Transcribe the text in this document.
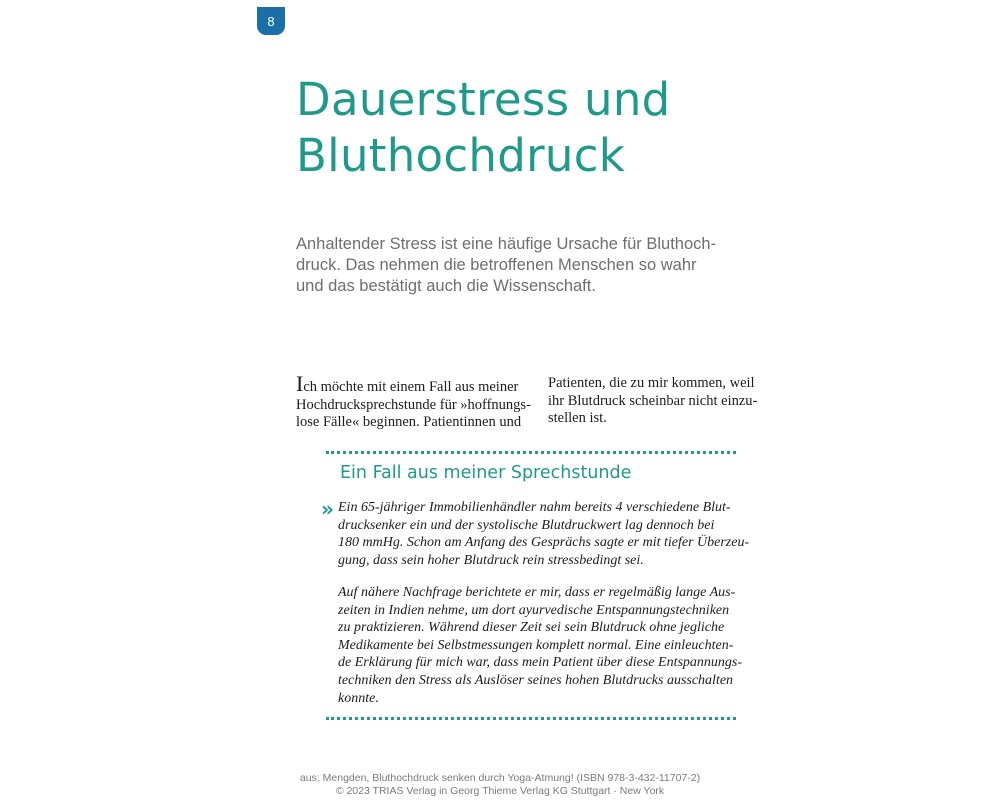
8
Dauerstress und
Bluthochdruck
Anhaltender Stress ist eine häufige Ursache für Bluthoch-
druck. Das nehmen die betroffenen Menschen so wahr
und das bestätigt auch die Wissenschaft.
Ich möchte mit einem Fall aus meiner
Hochdrucksprechstunde für »hoffnungs-
lose Fälle« beginnen. Patientinnen und
Patienten, die zu mir kommen, weil
ihr Blutdruck scheinbar nicht einzu-
stellen ist.
Ein Fall aus meiner Sprechstunde
» Ein 65-jähriger Immobilienhändler nahm bereits 4 verschiedene Blut-
drucksenker ein und der systolische Blutdruckwert lag dennoch bei
180 mmHg. Schon am Anfang des Gesprächs sagte er mit tiefer Überzeu-
gung, dass sein hoher Blutdruck rein stressbedingt sei.
Auf nähere Nachfrage berichtete er mir, dass er regelmäßig lange Aus-
zeiten in Indien nehme, um dort ayurvedische Entspannungstechniken
zu praktizieren. Während dieser Zeit sei sein Blutdruck ohne jegliche
Medikamente bei Selbstmessungen komplett normal. Eine einleuchten-
de Erklärung für mich war, dass mein Patient über diese Entspannungs-
techniken den Stress als Auslöser seines hohen Blutdrucks ausschalten
konnte.
aus: Mengden, Bluthochdruck senken durch Yoga-Atmung! (ISBN 978-3-432-11707-2)
© 2023 TRIAS Verlag in Georg Thieme Verlag KG Stuttgart · New York
